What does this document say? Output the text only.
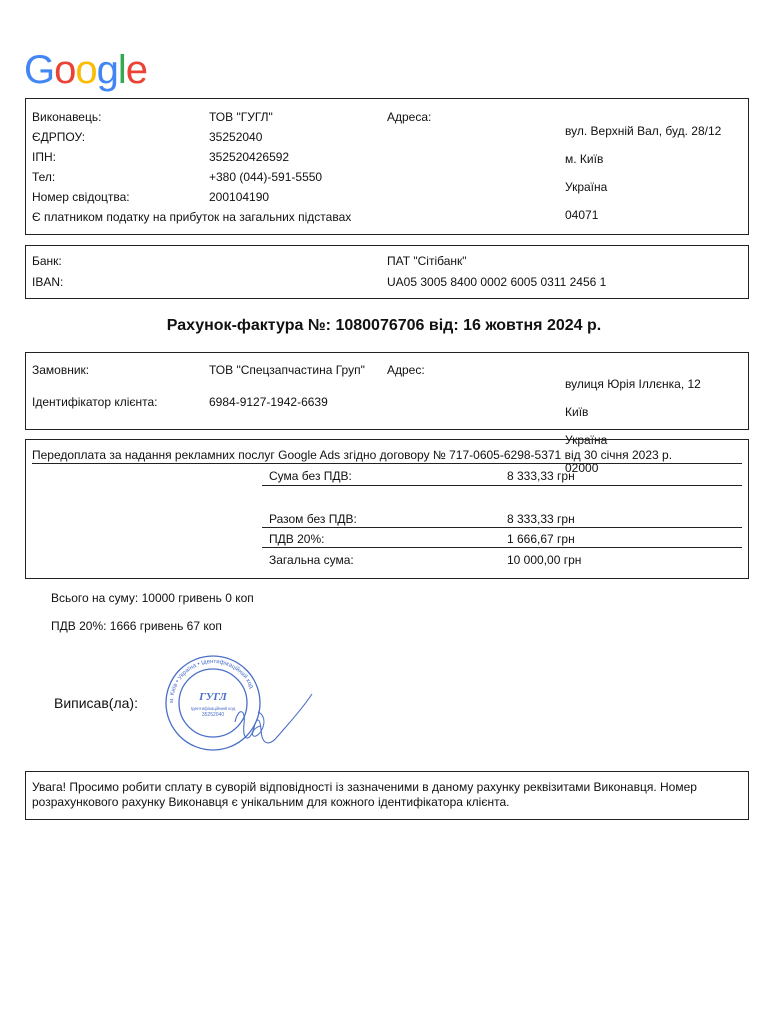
Google
Виконавець:	ТОВ "ГУГЛ"
ЄДРПОУ:	35252040
ІПН:	352520426592
Тел:	+380 (044)-591-5550
Номер свідоцтва:	200104190
Є платником податку на прибуток на загальних підставах
Адреса:

вул. Верхній Вал, буд. 28/12

м. Київ

Україна

04071

Банк:	ПАТ "Сітібанк"
IBAN:	UA05 3005 8400 0002 6005 0311 2456 1
Рахунок-фактура №: 1080076706 від: 16 жовтня 2024 р.
Замовник:	ТОВ "Спецзапчастина Груп"
Ідентифікатор клієнта:	6984-9127-1942-6639
Адрес:

вулиця Юрія Іллєнка, 12

Київ

Україна

02000

Передоплата за надання рекламних послуг Google Ads згідно договору № 717-0605-6298-5371 від 30 січня 2023 р.
Сума без ПДВ:	8 333,33 грн
Разом без ПДВ:	8 333,33 грн
ПДВ 20%:	1 666,67 грн
Загальна сума:	10 000,00 грн
Всього на суму: 10000 гривень 0 коп
ПДВ 20%: 1666 гривень 67 коп
Виписав(ла):	м. Київ • Україна • Ідентифікаційний код
ГУГЛ
Ідентифікаційний код
35252040
Увага! Просимо робити сплату в суворій відповідності із зазначеними в даному рахунку реквізитами Виконавця. Номер розрахункового рахунку Виконавця є унікальним для кожного ідентифікатора клієнта.
